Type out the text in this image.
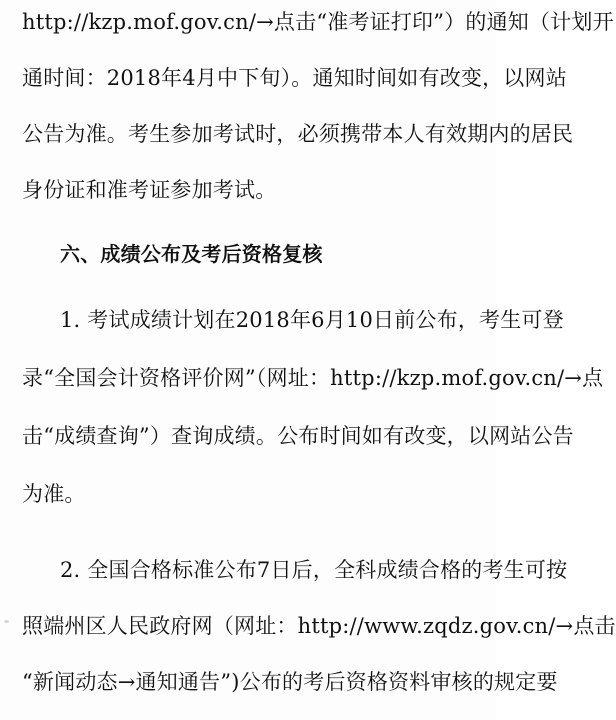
http://kzp.mof.gov.cn/→点击“准考证打印”）的通知（计划开
通时间：2018年4月中下旬）。通知时间如有改变，以网站
公告为准。考生参加考试时，必须携带本人有效期内的居民
身份证和准考证参加考试。
六、成绩公布及考后资格复核
1. 考试成绩计划在2018年6月10日前公布，考生可登
录“全国会计资格评价网”（网址：http://kzp.mof.gov.cn/→点
击“成绩查询”）查询成绩。公布时间如有改变，以网站公告
为准。
2. 全国合格标准公布7日后，全科成绩合格的考生可按
照端州区人民政府网（网址：http://www.zqdz.gov.cn/→点击
“新闻动态→通知通告”)公布的考后资格资料审核的规定要
